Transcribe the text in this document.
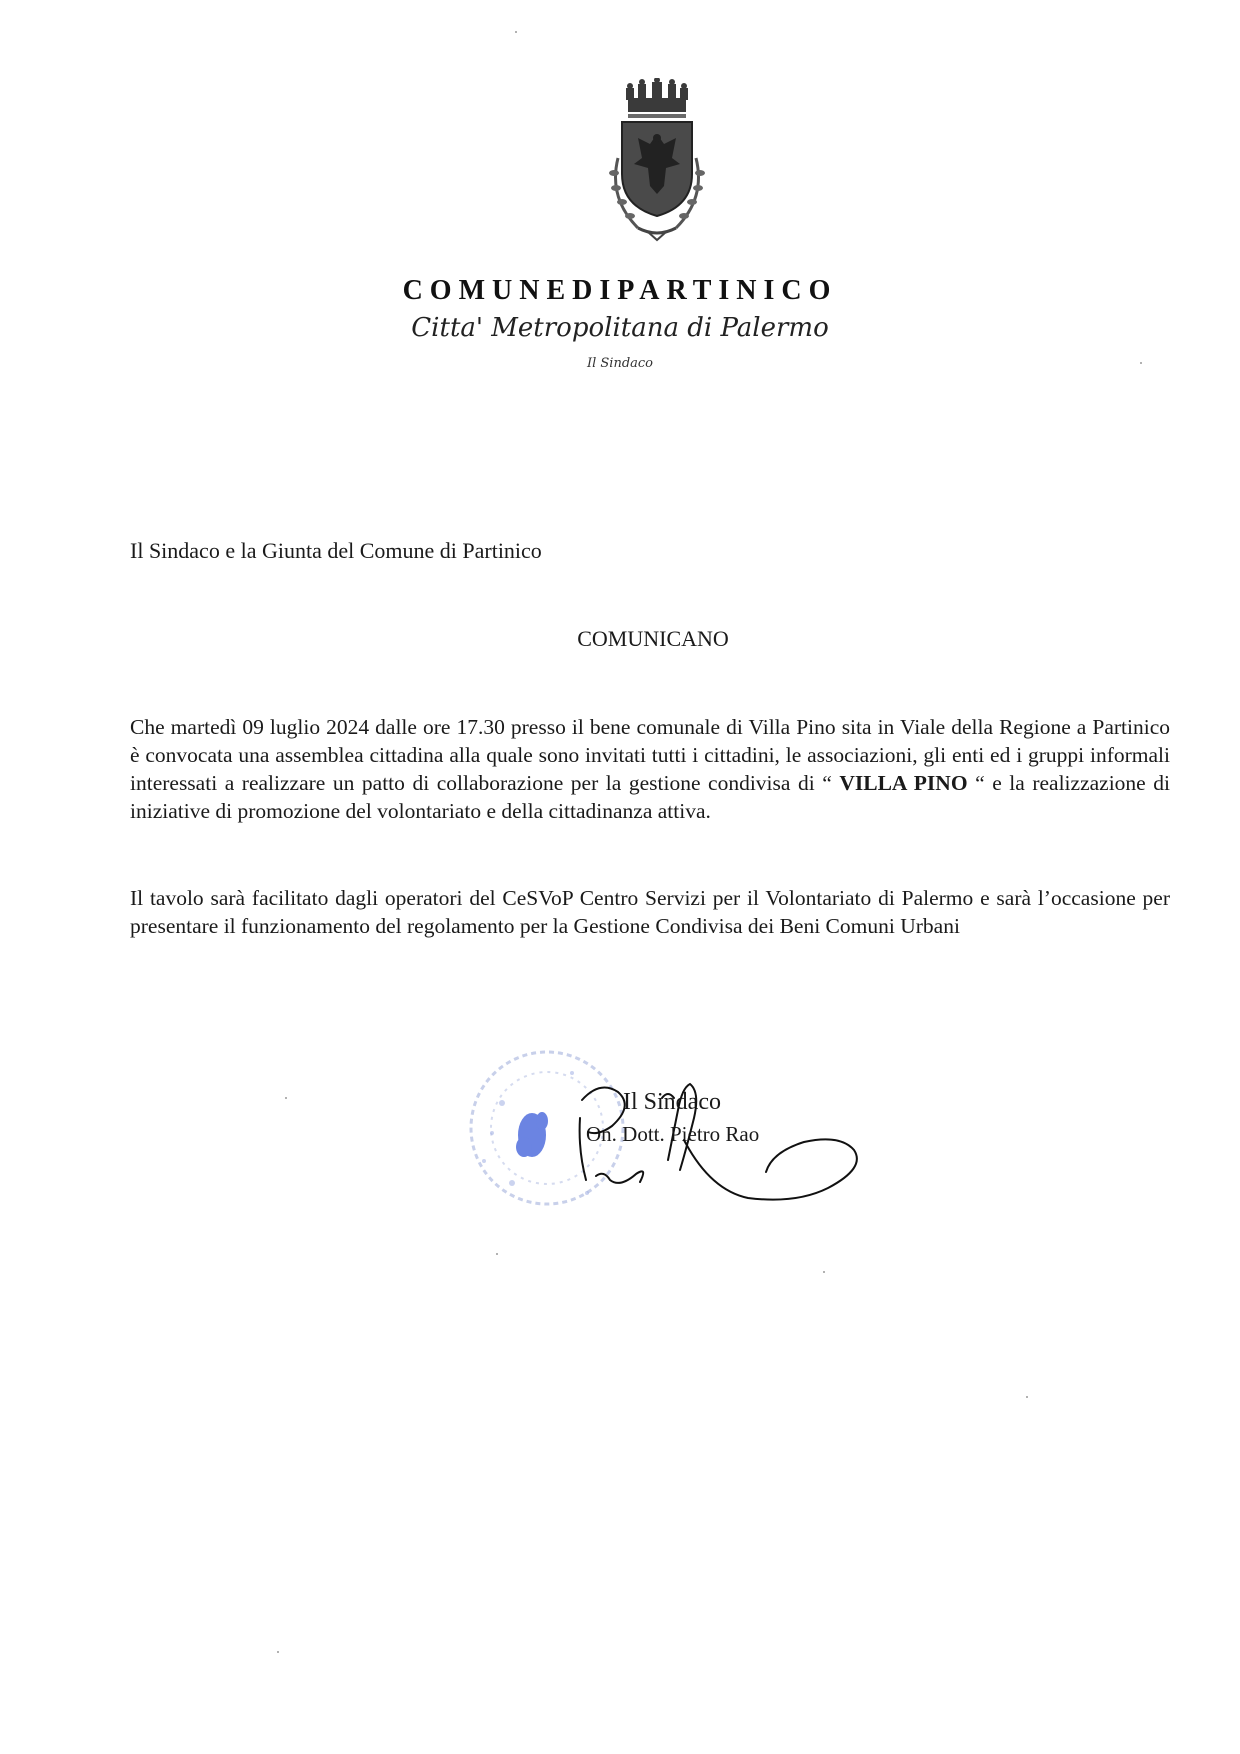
COMUNEDIPARTINICO
Citta' Metropolitana di Palermo
Il Sindaco
Il Sindaco e la Giunta del Comune di Partinico
COMUNICANO
Che martedì 09 luglio 2024 dalle ore 17.30 presso il bene comunale di Villa Pino sita in Viale della Regione a Partinico è convocata una assemblea cittadina alla quale sono invitati tutti i cittadini, le associazioni, gli enti ed i gruppi informali interessati a realizzare un patto di collaborazione per la gestione condivisa di “ VILLA PINO “ e la realizzazione di iniziative di promozione del volontariato e della cittadinanza attiva.
Il tavolo sarà facilitato dagli operatori del CeSVoP Centro Servizi per il Volontariato di Palermo e sarà l’occasione per presentare il funzionamento del regolamento per la Gestione Condivisa dei Beni Comuni Urbani
Il Sindaco
On. Dott. Pietro Rao
